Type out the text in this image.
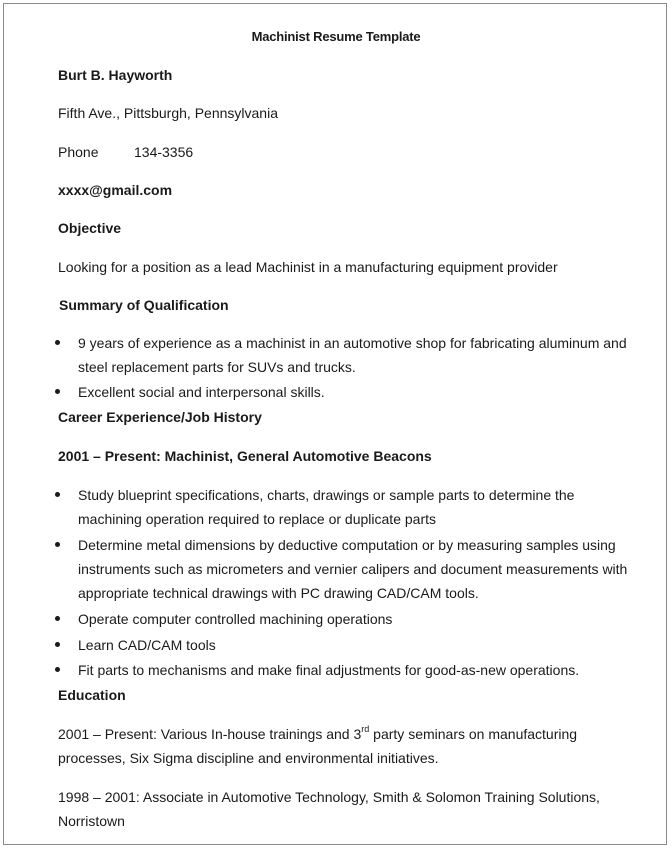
Machinist Resume Template
Burt B. Hayworth
Fifth Ave., Pittsburgh, Pennsylvania
Phone	134-3356
xxxx@gmail.com
Objective
Looking for a position as a lead Machinist in a manufacturing equipment provider
Summary of Qualification
9 years of experience as a machinist in an automotive shop for fabricating aluminum and
steel replacement parts for SUVs and trucks.
Excellent social and interpersonal skills.
Career Experience/Job History
2001 – Present: Machinist, General Automotive Beacons
Study blueprint specifications, charts, drawings or sample parts to determine the
machining operation required to replace or duplicate parts
Determine metal dimensions by deductive computation or by measuring samples using
instruments such as micrometers and vernier calipers and document measurements with
appropriate technical drawings with PC drawing CAD/CAM tools.
Operate computer controlled machining operations
Learn CAD/CAM tools
Fit parts to mechanisms and make final adjustments for good-as-new operations.
Education
2001 – Present: Various In-house trainings and 3rd party seminars on manufacturing
processes, Six Sigma discipline and environmental initiatives.
1998 – 2001: Associate in Automotive Technology, Smith & Solomon Training Solutions,
Norristown
